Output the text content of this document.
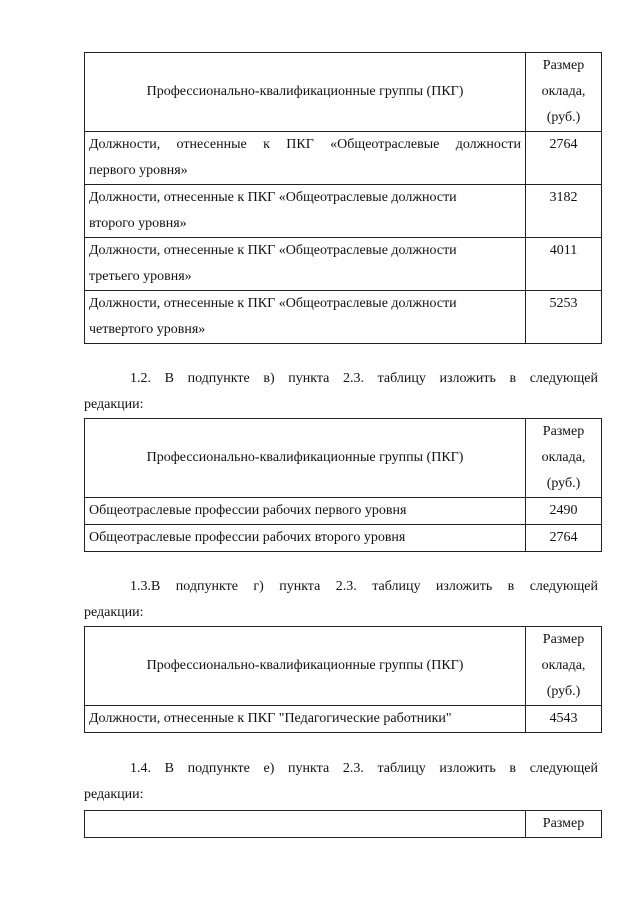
Профессионально-квалификационные группы (ПКГ)	Размер
оклада,
(руб.)

Должности, отнесенные к ПКГ «Общеотраслевые должности
первого уровня»	2764

Должности, отнесенные к ПКГ «Общеотраслевые должности
второго уровня»	3182

Должности, отнесенные к ПКГ «Общеотраслевые должности
третьего уровня»	4011

Должности, отнесенные к ПКГ «Общеотраслевые должности
четвертого уровня»	5253
1.2. В подпункте в) пункта 2.3. таблицу изложить в следующей
редакции:
Профессионально-квалификационные группы (ПКГ)	Размер
оклада,
(руб.)

Общеотраслевые профессии рабочих первого уровня	2490
Общеотраслевые профессии рабочих второго уровня	2764
1.3.В подпункте г) пункта 2.3. таблицу изложить в следующей
редакции:
Профессионально-квалификационные группы (ПКГ)	Размер
оклада,
(руб.)

Должности, отнесенные к ПКГ "Педагогические работники"	4543
1.4. В подпункте е) пункта 2.3. таблицу изложить в следующей
редакции:
	Размер
